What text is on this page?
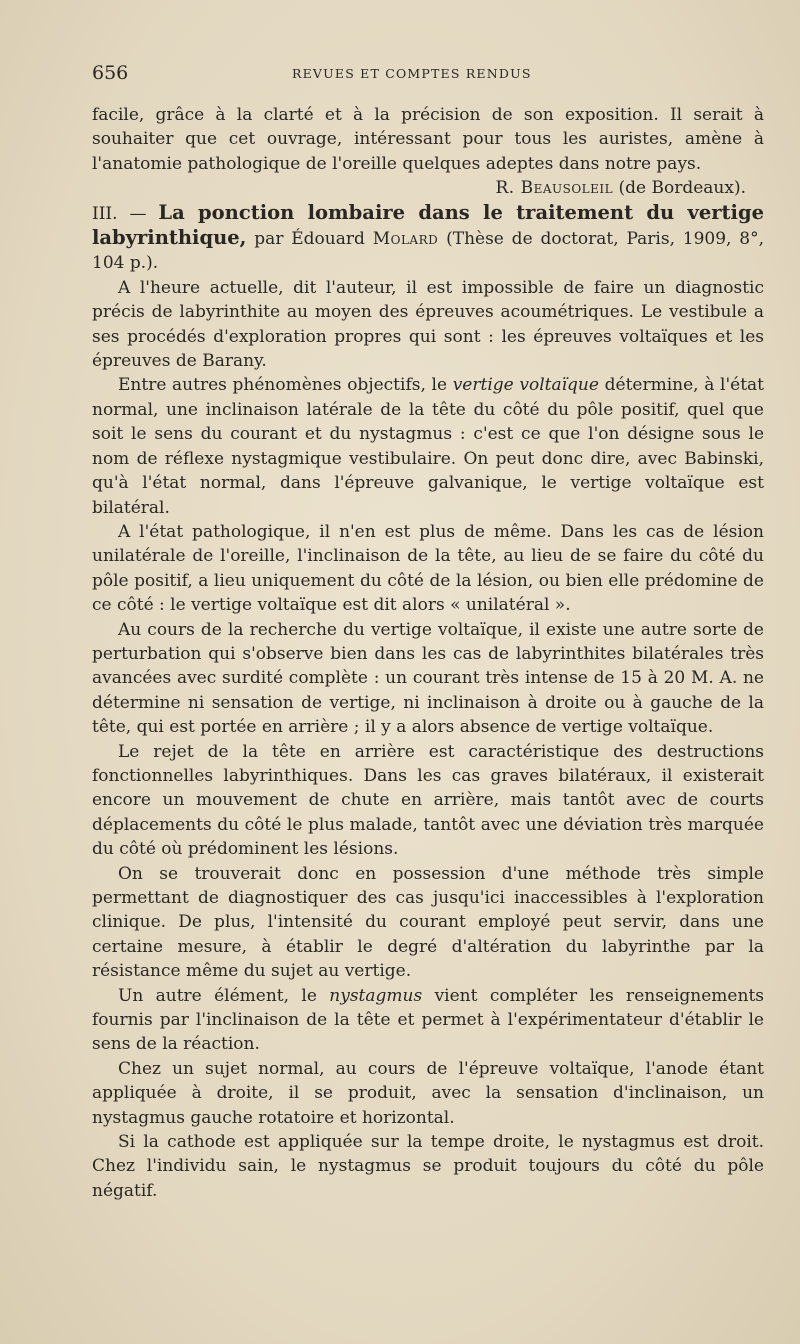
656	REVUES ET COMPTES RENDUS

facile, grâce à la clarté et à la précision de son exposition. Il serait à souhaiter que cet ouvrage, intéressant pour tous les auristes, amène à l'anatomie pathologique de l'oreille quelques adeptes dans notre pays.

R. Beausoleil (de Bordeaux).

III. — La ponction lombaire dans le traitement du vertige labyrinthique, par Édouard Molard (Thèse de doctorat, Paris, 1909, 8°, 104 p.).

A l'heure actuelle, dit l'auteur, il est impossible de faire un diagnostic précis de labyrinthite au moyen des épreuves acoumétriques. Le vestibule a ses procédés d'exploration propres qui sont : les épreuves voltaïques et les épreuves de Barany.

Entre autres phénomènes objectifs, le vertige voltaïque détermine, à l'état normal, une inclinaison latérale de la tête du côté du pôle positif, quel que soit le sens du courant et du nystagmus : c'est ce que l'on désigne sous le nom de réflexe nystagmique vestibulaire. On peut donc dire, avec Babinski, qu'à l'état normal, dans l'épreuve galvanique, le vertige voltaïque est bilatéral.

A l'état pathologique, il n'en est plus de même. Dans les cas de lésion unilatérale de l'oreille, l'inclinaison de la tête, au lieu de se faire du côté du pôle positif, a lieu uniquement du côté de la lésion, ou bien elle prédomine de ce côté : le vertige voltaïque est dit alors « unilatéral ».

Au cours de la recherche du vertige voltaïque, il existe une autre sorte de perturbation qui s'observe bien dans les cas de labyrinthites bilatérales très avancées avec surdité complète : un courant très intense de 15 à 20 M. A. ne détermine ni sensation de vertige, ni inclinaison à droite ou à gauche de la tête, qui est portée en arrière ; il y a alors absence de vertige voltaïque.

Le rejet de la tête en arrière est caractéristique des destructions fonctionnelles labyrinthiques. Dans les cas graves bilatéraux, il existerait encore un mouvement de chute en arrière, mais tantôt avec de courts déplacements du côté le plus malade, tantôt avec une déviation très marquée du côté où prédominent les lésions.

On se trouverait donc en possession d'une méthode très simple permettant de diagnostiquer des cas jusqu'ici inaccessibles à l'exploration clinique. De plus, l'intensité du courant employé peut servir, dans une certaine mesure, à établir le degré d'altération du labyrinthe par la résistance même du sujet au vertige.

Un autre élément, le nystagmus vient compléter les renseignements fournis par l'inclinaison de la tête et permet à l'expérimentateur d'établir le sens de la réaction.

Chez un sujet normal, au cours de l'épreuve voltaïque, l'anode étant appliquée à droite, il se produit, avec la sensation d'inclinaison, un nystagmus gauche rotatoire et horizontal.

Si la cathode est appliquée sur la tempe droite, le nystagmus est droit. Chez l'individu sain, le nystagmus se produit toujours du côté du pôle négatif.
